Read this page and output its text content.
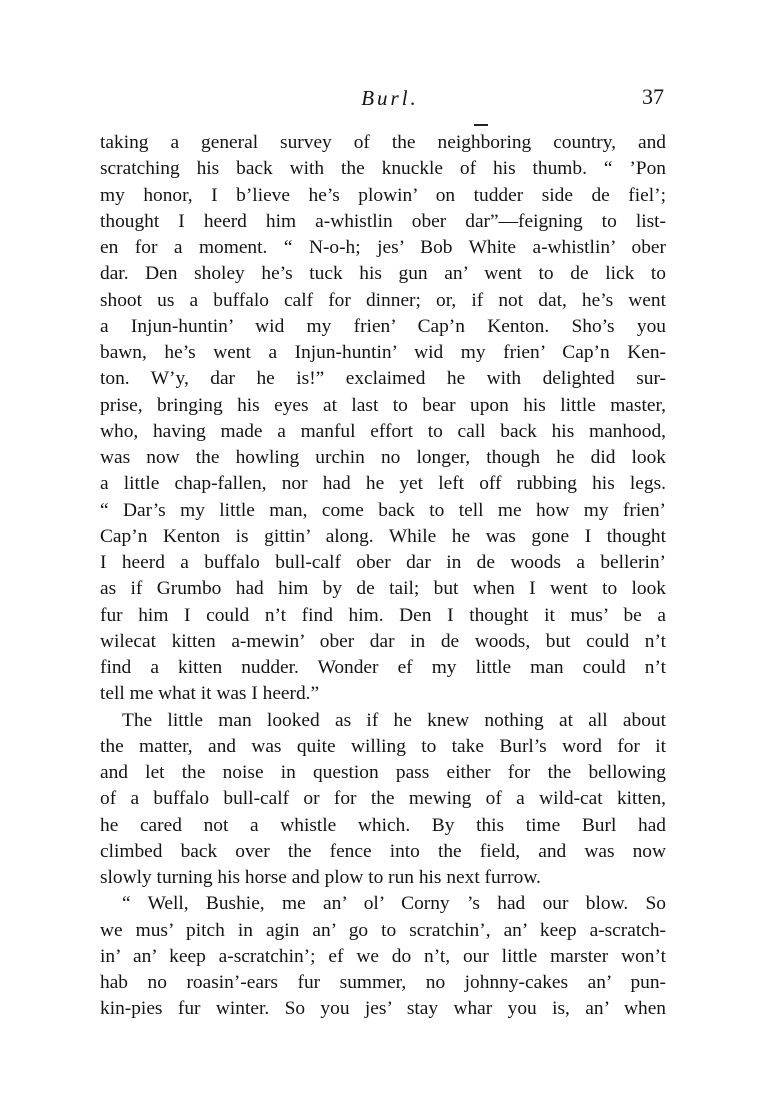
Burl.	37
taking a general survey of the neighboring country, and
scratching his back with the knuckle of his thumb. “ ’Pon
my honor, I b’lieve he’s plowin’ on tudder side de fiel’;
thought I heerd him a-whistlin ober dar”—feigning to list-
en for a moment. “ N-o-h; jes’ Bob White a-whistlin’ ober
dar. Den sholey he’s tuck his gun an’ went to de lick to
shoot us a buffalo calf for dinner; or, if not dat, he’s went
a Injun-huntin’ wid my frien’ Cap’n Kenton. Sho’s you
bawn, he’s went a Injun-huntin’ wid my frien’ Cap’n Ken-
ton. W’y, dar he is!” exclaimed he with delighted sur-
prise, bringing his eyes at last to bear upon his little master,
who, having made a manful effort to call back his manhood,
was now the howling urchin no longer, though he did look
a little chap-fallen, nor had he yet left off rubbing his legs.
“ Dar’s my little man, come back to tell me how my frien’
Cap’n Kenton is gittin’ along. While he was gone I thought
I heerd a buffalo bull-calf ober dar in de woods a bellerin’
as if Grumbo had him by de tail; but when I went to look
fur him I could n’t find him. Den I thought it mus’ be a
wilecat kitten a-mewin’ ober dar in de woods, but could n’t
find a kitten nudder. Wonder ef my little man could n’t
tell me what it was I heerd.”
The little man looked as if he knew nothing at all about
the matter, and was quite willing to take Burl’s word for it
and let the noise in question pass either for the bellowing
of a buffalo bull-calf or for the mewing of a wild-cat kitten,
he cared not a whistle which. By this time Burl had
climbed back over the fence into the field, and was now
slowly turning his horse and plow to run his next furrow.
“ Well, Bushie, me an’ ol’ Corny ’s had our blow. So
we mus’ pitch in agin an’ go to scratchin’, an’ keep a-scratch-
in’ an’ keep a-scratchin’; ef we do n’t, our little marster won’t
hab no roasin’-ears fur summer, no johnny-cakes an’ pun-
kin-pies fur winter. So you jes’ stay whar you is, an’ when
